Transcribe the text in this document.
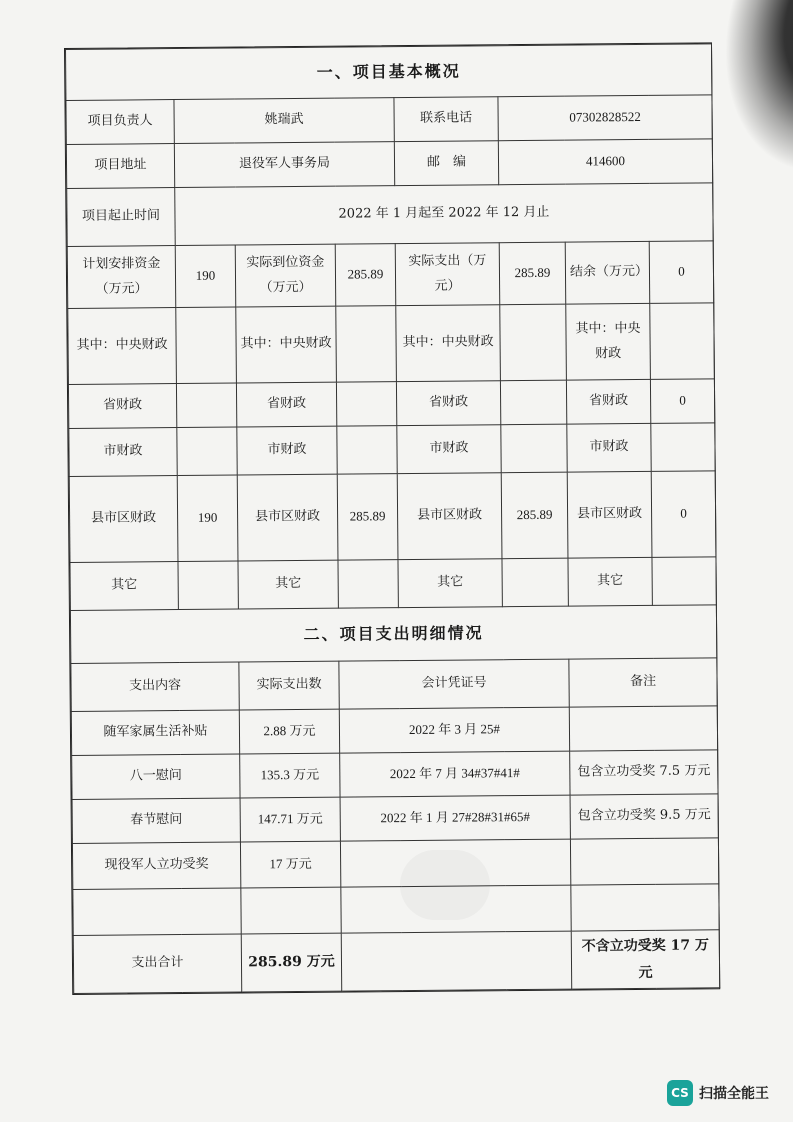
一、项目基本概况							
项目负责人	姚瑞武			联系电话	07302828522		
项目地址	退役军人事务局			邮　编	414600		
项目起止时间	2022 年 1 月起至 2022 年 12 月止						
计划安排资金（万元）	190	实际到位资金（万元）	285.89	实际支出（万元）	285.89	结余（万元）	0
其中：中央财政		其中：中央财政		其中：中央财政		其中：中央财政	
省财政		省财政		省财政		省财政	0
市财政		市财政		市财政		市财政	
县市区财政	190	县市区财政	285.89	县市区财政	285.89	县市区财政	0
其它		其它		其它		其它	
二、项目支出明细情况							
支出内容		实际支出数	会计凭证号			备注	
随军家属生活补贴		2.88 万元	2022 年 3 月 25#				
八一慰问		135.3 万元	2022 年 7 月 34#37#41#			包含立功受奖 7.5 万元	
春节慰问		147.71 万元	2022 年 1 月 27#28#31#65#			包含立功受奖 9.5 万元	
现役军人立功受奖		17 万元					

支出合计		285.89 万元				不含立功受奖 17 万元	
CS 扫描全能王
